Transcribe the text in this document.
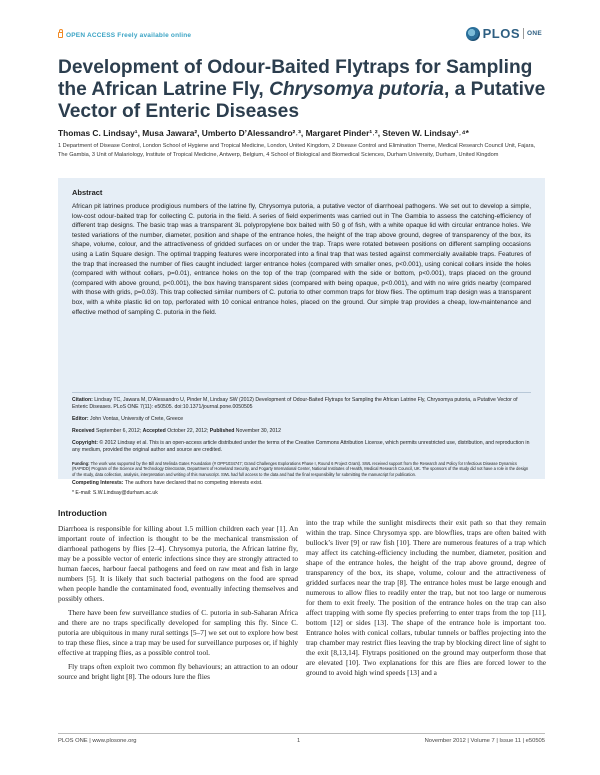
OPEN ACCESS Freely available online	PLOS ONE
Development of Odour-Baited Flytraps for Sampling the African Latrine Fly, Chrysomya putoria, a Putative Vector of Enteric Diseases
Thomas C. Lindsay¹, Musa Jawara², Umberto D’Alessandro²˒³, Margaret Pinder¹˒², Steven W. Lindsay¹˒⁴*
1 Department of Disease Control, London School of Hygiene and Tropical Medicine, London, United Kingdom, 2 Disease Control and Elimination Theme, Medical Research Council Unit, Fajara, The Gambia, 3 Unit of Malariology, Institute of Tropical Medicine, Antwerp, Belgium, 4 School of Biological and Biomedical Sciences, Durham University, Durham, United Kingdom
Abstract
African pit latrines produce prodigious numbers of the latrine fly, Chrysomya putoria, a putative vector of diarrhoeal pathogens. We set out to develop a simple, low-cost odour-baited trap for collecting C. putoria in the field. A series of field experiments was carried out in The Gambia to assess the catching-efficiency of different trap designs. The basic trap was a transparent 3L polypropylene box baited with 50 g of fish, with a white opaque lid with circular entrance holes. We tested variations of the number, diameter, position and shape of the entrance holes, the height of the trap above ground, degree of transparency of the box, its shape, volume, colour, and the attractiveness of gridded surfaces on or under the trap. Traps were rotated between positions on different sampling occasions using a Latin Square design. The optimal trapping features were incorporated into a final trap that was tested against commercially available traps. Features of the trap that increased the number of flies caught included: larger entrance holes (compared with smaller ones, p<0.001), using conical collars inside the holes (compared with without collars, p=0.01), entrance holes on the top of the trap (compared with the side or bottom, p<0.001), traps placed on the ground (compared with above ground, p<0.001), the box having transparent sides (compared with being opaque, p<0.001), and with no wire grids nearby (compared with those with grids, p=0.03). This trap collected similar numbers of C. putoria to other common traps for blow flies. The optimum trap design was a transparent box, with a white plastic lid on top, perforated with 10 conical entrance holes, placed on the ground. Our simple trap provides a cheap, low-maintenance and effective method of sampling C. putoria in the field.
Citation: Lindsay TC, Jawara M, D’Alessandro U, Pinder M, Lindsay SW (2012) Development of Odour-Baited Flytraps for Sampling the African Latrine Fly, Chrysomya putoria, a Putative Vector of Enteric Diseases. PLoS ONE 7(11): e50505. doi:10.1371/journal.pone.0050505
Editor: John Vontas, University of Crete, Greece
Received September 6, 2012; Accepted October 22, 2012; Published November 30, 2012
Copyright: © 2012 Lindsay et al. This is an open-access article distributed under the terms of the Creative Commons Attribution License, which permits unrestricted use, distribution, and reproduction in any medium, provided the original author and source are credited.
Funding: The work was supported by the Bill and Melinda Gates Foundation (# OPP1034747; Grand Challenges Explorations Phase I, Round 6 Project Grant). SWL received support from the Research and Policy for Infectious Disease Dynamics (RAPIDD) Program of the Science and Technology Directorate, Department of Homeland Security, and Fogarty International Center, National Institutes of Health, Medical Research Council, UK. The sponsors of the study did not have a role in the design of the study, data collection, analysis, interpretation and writing of this manuscript. SWL had full access to the data and had the final responsibility for submitting the manuscript for publication.
Competing Interests: The authors have declared that no competing interests exist.
Introduction

Diarrhoea is responsible for killing about 1.5 million children each year [1]. An important route of infection is thought to be the mechanical transmission of diarrhoeal pathogens by flies [2–4]. Chrysomya putoria, the African latrine fly, may be a possible vector of enteric infections since they are strongly attracted to human faeces, harbour faecal pathogens and feed on raw meat and fish in large numbers [5]. It is likely that such bacterial pathogens on the food are spread when people handle the contaminated food, eventually infecting themselves and possibly others.

There have been few surveillance studies of C. putoria in sub-Saharan Africa and there are no traps specifically developed for sampling this fly. Since C. putoria are ubiquitous in many rural settings [5–7] we set out to explore how best to trap these flies, since a trap may be used for surveillance purposes or, if highly effective at trapping flies, as a possible control tool.

Fly traps often exploit two common fly behaviours; an attraction to an odour source and bright light [8]. The odours lure the flies

into the trap while the sunlight misdirects their exit path so that they remain within the trap. Since Chrysomya spp. are blowflies, traps are often baited with bullock’s liver [9] or raw fish [10]. There are numerous features of a trap which may affect its catching-efficiency including the number, diameter, position and shape of the entrance holes, the height of the trap above ground, degree of transparency of the box, its shape, volume, colour and the attractiveness of gridded surfaces near the trap [8]. The entrance holes must be large enough and numerous to allow flies to readily enter the trap, but not too large or numerous for them to exit freely. The position of the entrance holes on the trap can also affect trapping with some fly species preferring to enter traps from the top [11], bottom [12] or sides [13]. The shape of the entrance hole is important too. Entrance holes with conical collars, tubular tunnels or baffles projecting into the trap chamber may restrict flies leaving the trap by blocking direct line of sight to the exit [8,13,14]. Flytraps positioned on the ground may outperform those that are elevated [10]. Two explanations for this are flies are forced lower to the ground to avoid high wind speeds [13] and a

* E-mail: S.W.Lindsay@durham.ac.uk
PLOS ONE | www.plosone.org	1	November 2012 | Volume 7 | Issue 11 | e50505
